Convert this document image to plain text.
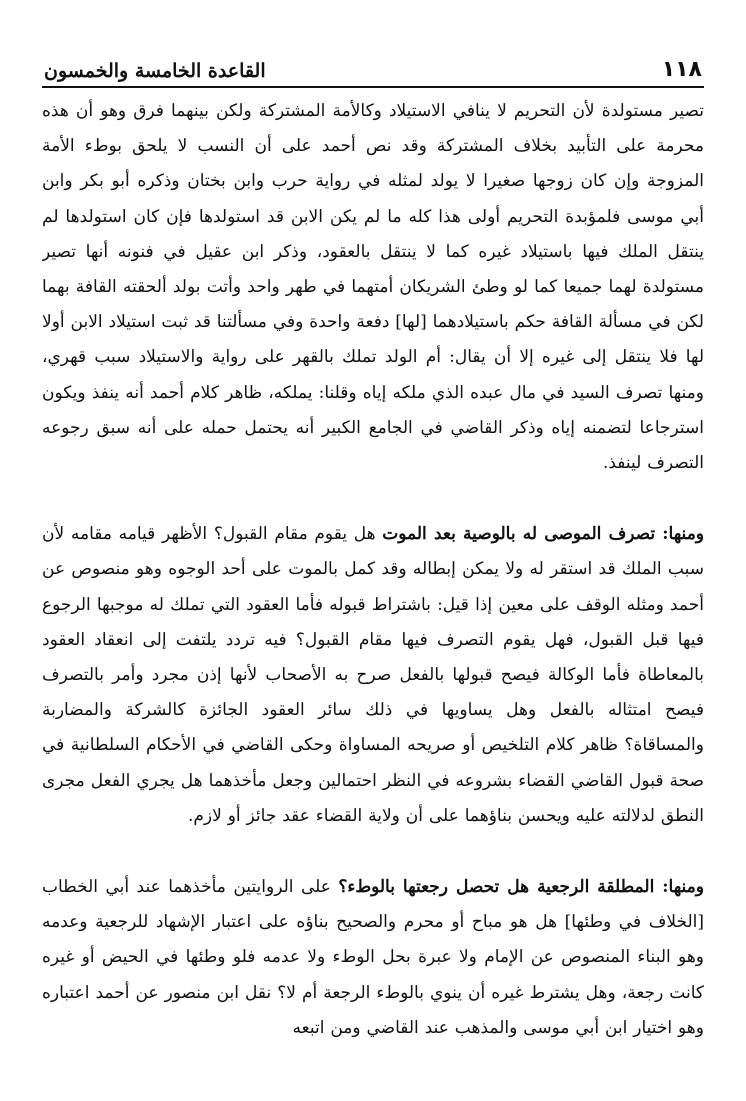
١١٨
القاعدة الخامسة والخمسون

تصير مستولدة لأن التحريم لا ينافي الاستيلاد وكالأمة المشتركة ولكن بينهما فرق وهو أن هذه محرمة على التأبيد بخلاف المشتركة وقد نص أحمد على أن النسب لا يلحق بوطء الأمة المزوجة وإن كان زوجها صغيرا لا يولد لمثله في رواية حرب وابن بختان وذكره أبو بكر وابن أبي موسى فلمؤبدة التحريم أولى هذا كله ما لم يكن الابن قد استولدها فإن كان استولدها لم ينتقل الملك فيها باستيلاد غيره كما لا ينتقل بالعقود، وذكر ابن عقيل في فنونه أنها تصير مستولدة لهما جميعا كما لو وطئ الشريكان أمتهما في طهر واحد وأتت بولد ألحقته القافة بهما لكن في مسألة القافة حكم باستيلادهما [لها] دفعة واحدة وفي مسألتنا قد ثبت استيلاد الابن أولا لها فلا ينتقل إلى غيره إلا أن يقال: أم الولد تملك بالقهر على رواية والاستيلاد سبب قهري، ومنها تصرف السيد في مال عبده الذي ملكه إياه وقلنا: يملكه، ظاهر كلام أحمد أنه ينفذ ويكون استرجاعا لتضمنه إياه وذكر القاضي في الجامع الكبير أنه يحتمل حمله على أنه سبق رجوعه التصرف لينفذ.

ومنها: تصرف الموصى له بالوصية بعد الموت هل يقوم مقام القبول؟ الأظهر قيامه مقامه لأن سبب الملك قد استقر له ولا يمكن إبطاله وقد كمل بالموت على أحد الوجوه وهو منصوص عن أحمد ومثله الوقف على معين إذا قيل: باشتراط قبوله فأما العقود التي تملك له موجبها الرجوع فيها قبل القبول، فهل يقوم التصرف فيها مقام القبول؟ فيه تردد يلتفت إلى انعقاد العقود بالمعاطاة فأما الوكالة فيصح قبولها بالفعل صرح به الأصحاب لأنها إذن مجرد وأمر بالتصرف فيصح امتثاله بالفعل وهل يساويها في ذلك سائر العقود الجائزة كالشركة والمضاربة والمساقاة؟ ظاهر كلام التلخيص أو صريحه المساواة وحكى القاضي في الأحكام السلطانية في صحة قبول القاضي القضاء بشروعه في النظر احتمالين وجعل مأخذهما هل يجري الفعل مجرى النطق لدلالته عليه ويحسن بناؤهما على أن ولاية القضاء عقد جائز أو لازم.

ومنها: المطلقة الرجعية هل تحصل رجعتها بالوطء؟ على الروايتين مأخذهما عند أبي الخطاب [الخلاف في وطئها] هل هو مباح أو محرم والصحيح بناؤه على اعتبار الإشهاد للرجعية وعدمه وهو البناء المنصوص عن الإمام ولا عبرة بحل الوطء ولا عدمه فلو وطئها في الحيض أو غيره كانت رجعة، وهل يشترط غيره أن ينوي بالوطء الرجعة أم لا؟ نقل ابن منصور عن أحمد اعتباره وهو اختيار ابن أبي موسى والمذهب عند القاضي ومن اتبعه
